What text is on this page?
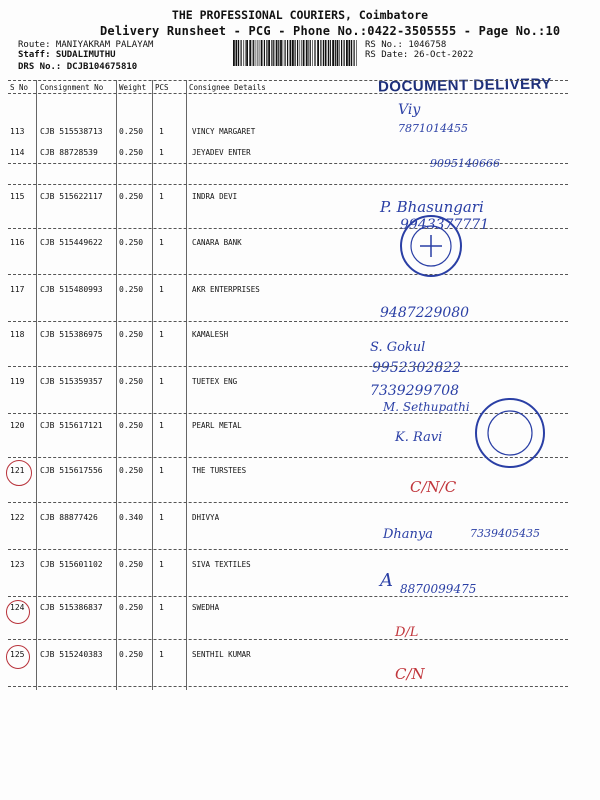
THE PROFESSIONAL COURIERS, Coimbatore
Delivery Runsheet - PCG - Phone No.:0422-3505555 - Page No.:10
Route: MANIYAKRAM PALAYAM
Staff: SUDALIMUTHU
DRS No.: DCJB104675810
RS No.: 1046758
RS Date: 26-Oct-2022
DOCUMENT DELIVERY
S No Consignment No Weight PCS	Consignee Details
113 CJB 515538713 0.250 1	VINCY MARGARET
Viy
7871014455
114 CJB 88728539	0.250 1	JEYADEV ENTER
9095140666
115 CJB 515622117 0.250 1	INDRA DEVI
P. Bhasungari
9943377771
116 CJB 515449622 0.250 1	CANARA BANK
117 CJB 515480993 0.250 1	AKR ENTERPRISES
9487229080
118 CJB 515386975 0.250 1	KAMALESH
S. Gokul
9952302822
119 CJB 515359357 0.250 1	TUETEX ENG
7339299708
M. Sethupathi
120 CJB 515617121 0.250 1	PEARL METAL
K. Ravi
121 CJB 515617556 0.250 1	THE TURSTEES
C/N/C
122 CJB 88877426	0.340 1	DHIVYA
Dhanya	7339405435
123 CJB 515601102 0.250 1	SIVA TEXTILES
A 8870099475
124 CJB 515386837 0.250 1	SWEDHA
D/L
125 CJB 515240383 0.250 1	SENTHIL KUMAR
C/N
